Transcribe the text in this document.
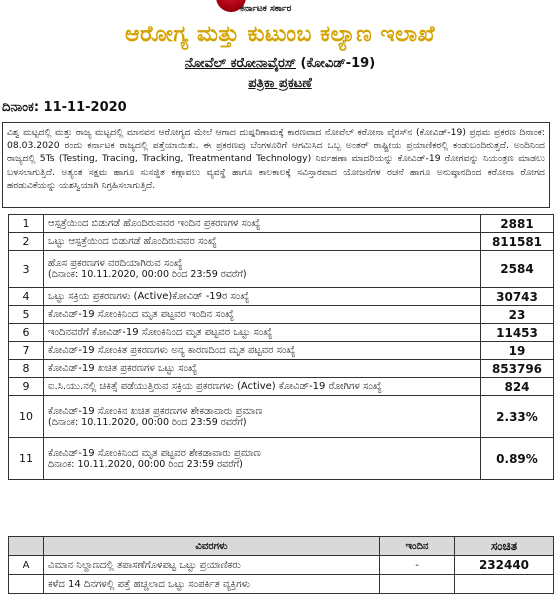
ಕರ್ನಾಟಕ ಸರ್ಕಾರ
ಆರೋಗ್ಯ ಮತ್ತು ಕುಟುಂಬ ಕಲ್ಯಾಣ ಇಲಾಖೆ
ನೋವೆಲ್ ಕರೋನಾವೈರಸ್ (ಕೋವಿಡ್-19)
ಪತ್ರಿಕಾ ಪ್ರಕಟಣೆ
ದಿನಾಂಕ: 11-11-2020
ವಿಶ್ವ ಮಟ್ಟದಲ್ಲಿ ಮತ್ತು ರಾಜ್ಯ ಮಟ್ಟದಲ್ಲಿ ಮಾನವನ ಆರೋಗ್ಯದ ಮೇಲೆ ಆಗಾದ ದುಷ್ಪರಿಣಾಮಕ್ಕೆ ಕಾರಣವಾದ ನೋವೆಲ್ ಕರೋನಾ ವೈರಸ್‌ನ (ಕೋವಿಡ್-19) ಪ್ರಥಮ ಪ್ರಕರಣ ದಿನಾಂಕ: 08.03.2020 ರಂದು ಕರ್ನಾಟಕ ರಾಜ್ಯದಲ್ಲಿ ಪತ್ತೆಯಾಯಿತು. ಈ ಪ್ರಕರಣವು ಬೆಂಗಳೂರಿಗೆ ಆಗಮಿಸಿದ ಒಬ್ಬ ಅಂತರ್ ರಾಷ್ಟ್ರೀಯ ಪ್ರಯಾಣಿಕರಲ್ಲಿ ಕಂಡುಬಂದಿರುತ್ತದೆ. ಅಂದಿನಿಂದ ರಾಜ್ಯದಲ್ಲಿ 5Ts (Testing, Tracing, Tracking, Treatmentand Technology) ನಿರ್ವಹಣಾ ಮಾದರಿಯನ್ನು ಕೋವಿಡ್-19 ರೋಗವನ್ನು ನಿಯಂತ್ರಣ ಮಾಡಲು ಬಳಸಲಾಗುತ್ತಿದೆ. ಅತ್ಯಂತ ಸಕ್ಷಮ ಹಾಗೂ ಸುಸಜ್ಜಿತ ಕಣ್ಗಾವಲು ವ್ಯವಸ್ಥೆ ಹಾಗೂ ಕಾಲಕಾಲಕ್ಕೆ ಸವಿಸ್ತಾರವಾದ ಯೋಜನೆಗಳ ರಚನೆ ಹಾಗೂ ಅನುಷ್ಠಾನದಿಂದ ಕರೋನಾ ರೋಗದ ಹರಡುವಿಕೆಯನ್ನು ಯಶಸ್ವಿಯಾಗಿ ನಿಗ್ರಹಿಸಲಾಗುತ್ತಿದೆ.
1	ಆಸ್ಪತ್ರೆಯಿಂದ ಬಿಡುಗಡೆ ಹೊಂದಿರುವವರ ಇಂದಿನ ಪ್ರಕರಣಗಳ ಸಂಖ್ಯೆ	2881
2	ಒಟ್ಟು ಆಸ್ಪತ್ರೆಯಿಂದ ಬಿಡುಗಡೆ ಹೊಂದಿರುವವರ ಸಂಖ್ಯೆ	811581
3	ಹೊಸ ಪ್ರಕರಣಗಳ ವರದಿಯಾಗಿರುವ ಸಂಖ್ಯೆ
(ದಿನಾಂಕ: 10.11.2020, 00:00 ರಿಂದ 23:59 ರವರೆಗೆ)	2584
4	ಒಟ್ಟು ಸಕ್ರಿಯ ಪ್ರಕರಣಗಳು (Active)ಕೋವಿಡ್ -19ರ ಸಂಖ್ಯೆ	30743
5	ಕೋವಿಡ್-19 ಸೋಂಕಿನಿಂದ ಮೃತ ಪಟ್ಟವರ ಇಂದಿನ ಸಂಖ್ಯೆ	23
6	ಇಂದಿನವರೆಗೆ ಕೋವಿಡ್-19 ಸೋಂಕಿನಿಂದ ಮೃತ ಪಟ್ಟವರ ಒಟ್ಟು ಸಂಖ್ಯೆ	11453
7	ಕೋವಿಡ್-19 ಸೋಂಕಿತ ಪ್ರಕರಣಗಳು ಅನ್ಯ ಕಾರಣದಿಂದ ಮೃತ ಪಟ್ಟವರ ಸಂಖ್ಯೆ	19
8	ಕೋವಿಡ್-19 ಖಚಿತ ಪ್ರಕರಣಗಳ ಒಟ್ಟು ಸಂಖ್ಯೆ	853796
9	ಐ.ಸಿ.ಯು.ನಲ್ಲಿ ಚಿಕಿತ್ಸೆ ಪಡೆಯುತ್ತಿರುವ ಸಕ್ರಿಯ ಪ್ರಕರಣಗಳು (Active) ಕೋವಿಡ್-19 ರೋಗಿಗಳ ಸಂಖ್ಯೆ	824
10	ಕೋವಿಡ್-19 ಸೋಂಕಿನ ಖಚಿತ ಪ್ರಕರಣಗಳ ಶೇಕಡಾವಾರು ಪ್ರಮಾಣ
(ದಿನಾಂಕ: 10.11.2020, 00:00 ರಿಂದ 23:59 ರವರೆಗೆ)	2.33%
11	ಕೋವಿಡ್-19 ಸೋಂಕಿನಿಂದ ಮೃತ ಪಟ್ಟವರ ಶೇಕಡಾವಾರು ಪ್ರಮಾಣ
ದಿನಾಂಕ: 10.11.2020, 00:00 ರಿಂದ 23:59 ರವರೆಗೆ)	0.89%
	ವಿವರಗಳು	ಇಂದಿನ	ಸಂಚಿತ
A	ವಿಮಾನ ನಿಲ್ದಾಣದಲ್ಲಿ ತಪಾಸಣೆಗೊಳಪಟ್ಟ ಒಟ್ಟು ಪ್ರಯಾಣಿಕರು	-	232440
	ಕಳೆದ 14 ದಿನಗಳಲ್ಲಿ ಪತ್ತೆ ಹಚ್ಚಲಾದ ಒಟ್ಟು ಸಂಪರ್ಕಿತ ವ್ಯಕ್ತಿಗಳು		
